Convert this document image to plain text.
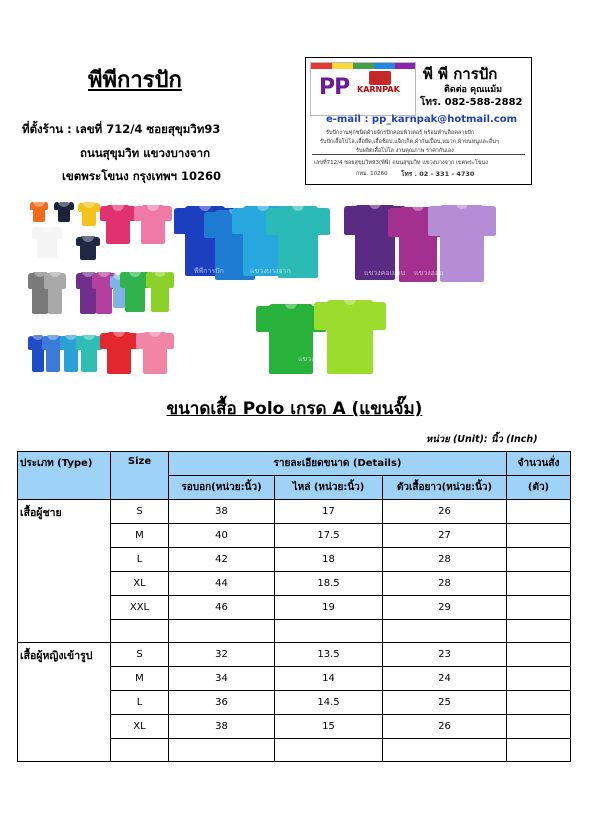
พีพีการปัก
ที่ตั้งร้าน : เลขที่ 712/4 ซอยสุขุมวิท93
ถนนสุขุมวิท แขวงบางจาก
เขตพระโขนง กรุงเทพฯ 10260
PP KARNPAK
พี พี การปัก
ติดต่อ คุณแม้ม
โทร. 082-588-2882
e-mail : pp_karnpak@hotmail.com
รับปักงานทุกชนิดด้วยจักรปักคอมพิวเตอร์ พร้อมทำบล็อคลายปัก
รับปักเสื้อโปโล,เสื้อยืด,เสื้อช็อป,แจ็กเก็ต,ผ้ากันเปื้อน,หมวก,ผ้าขนหนูและอื่นๆ
รับผลิตเสื้อโปโล งานคุณภาพ ราคากันเอง
เลขที่712/4 ซอยสุขุมวิท93(พีพี) ถนนสุขุมวิท แขวงบางจาก เขตพระโขนง
กทม. 10260 โทร . 02 - 331 - 4730
พีพีการปัก	แขวงบางจาก	แขวงคอเมาน แขวงออบ
แขวงออบ
ขนาดเสื้อ Polo เกรด A (แขนจั๊ม)
หน่วย (Unit): นิ้ว (Inch)
ประเภท (Type)	Size	รายละเอียดขนาด (Details)			จำนวนสั่ง
		รอบอก(หน่วย:นิ้ว)	ไหล่ (หน่วย:นิ้ว)	ตัวเสื้อยาว(หน่วย:นิ้ว)	(ตัว)
เสื้อผู้ชาย	S	38	17	26	
	M	40	17.5	27	
	L	42	18	28	
	XL	44	18.5	28	
	XXL	46	19	29	

เสื้อผู้หญิงเข้ารูป	S	32	13.5	23	
	M	34	14	24	
	L	36	14.5	25	
	XL	38	15	26	
